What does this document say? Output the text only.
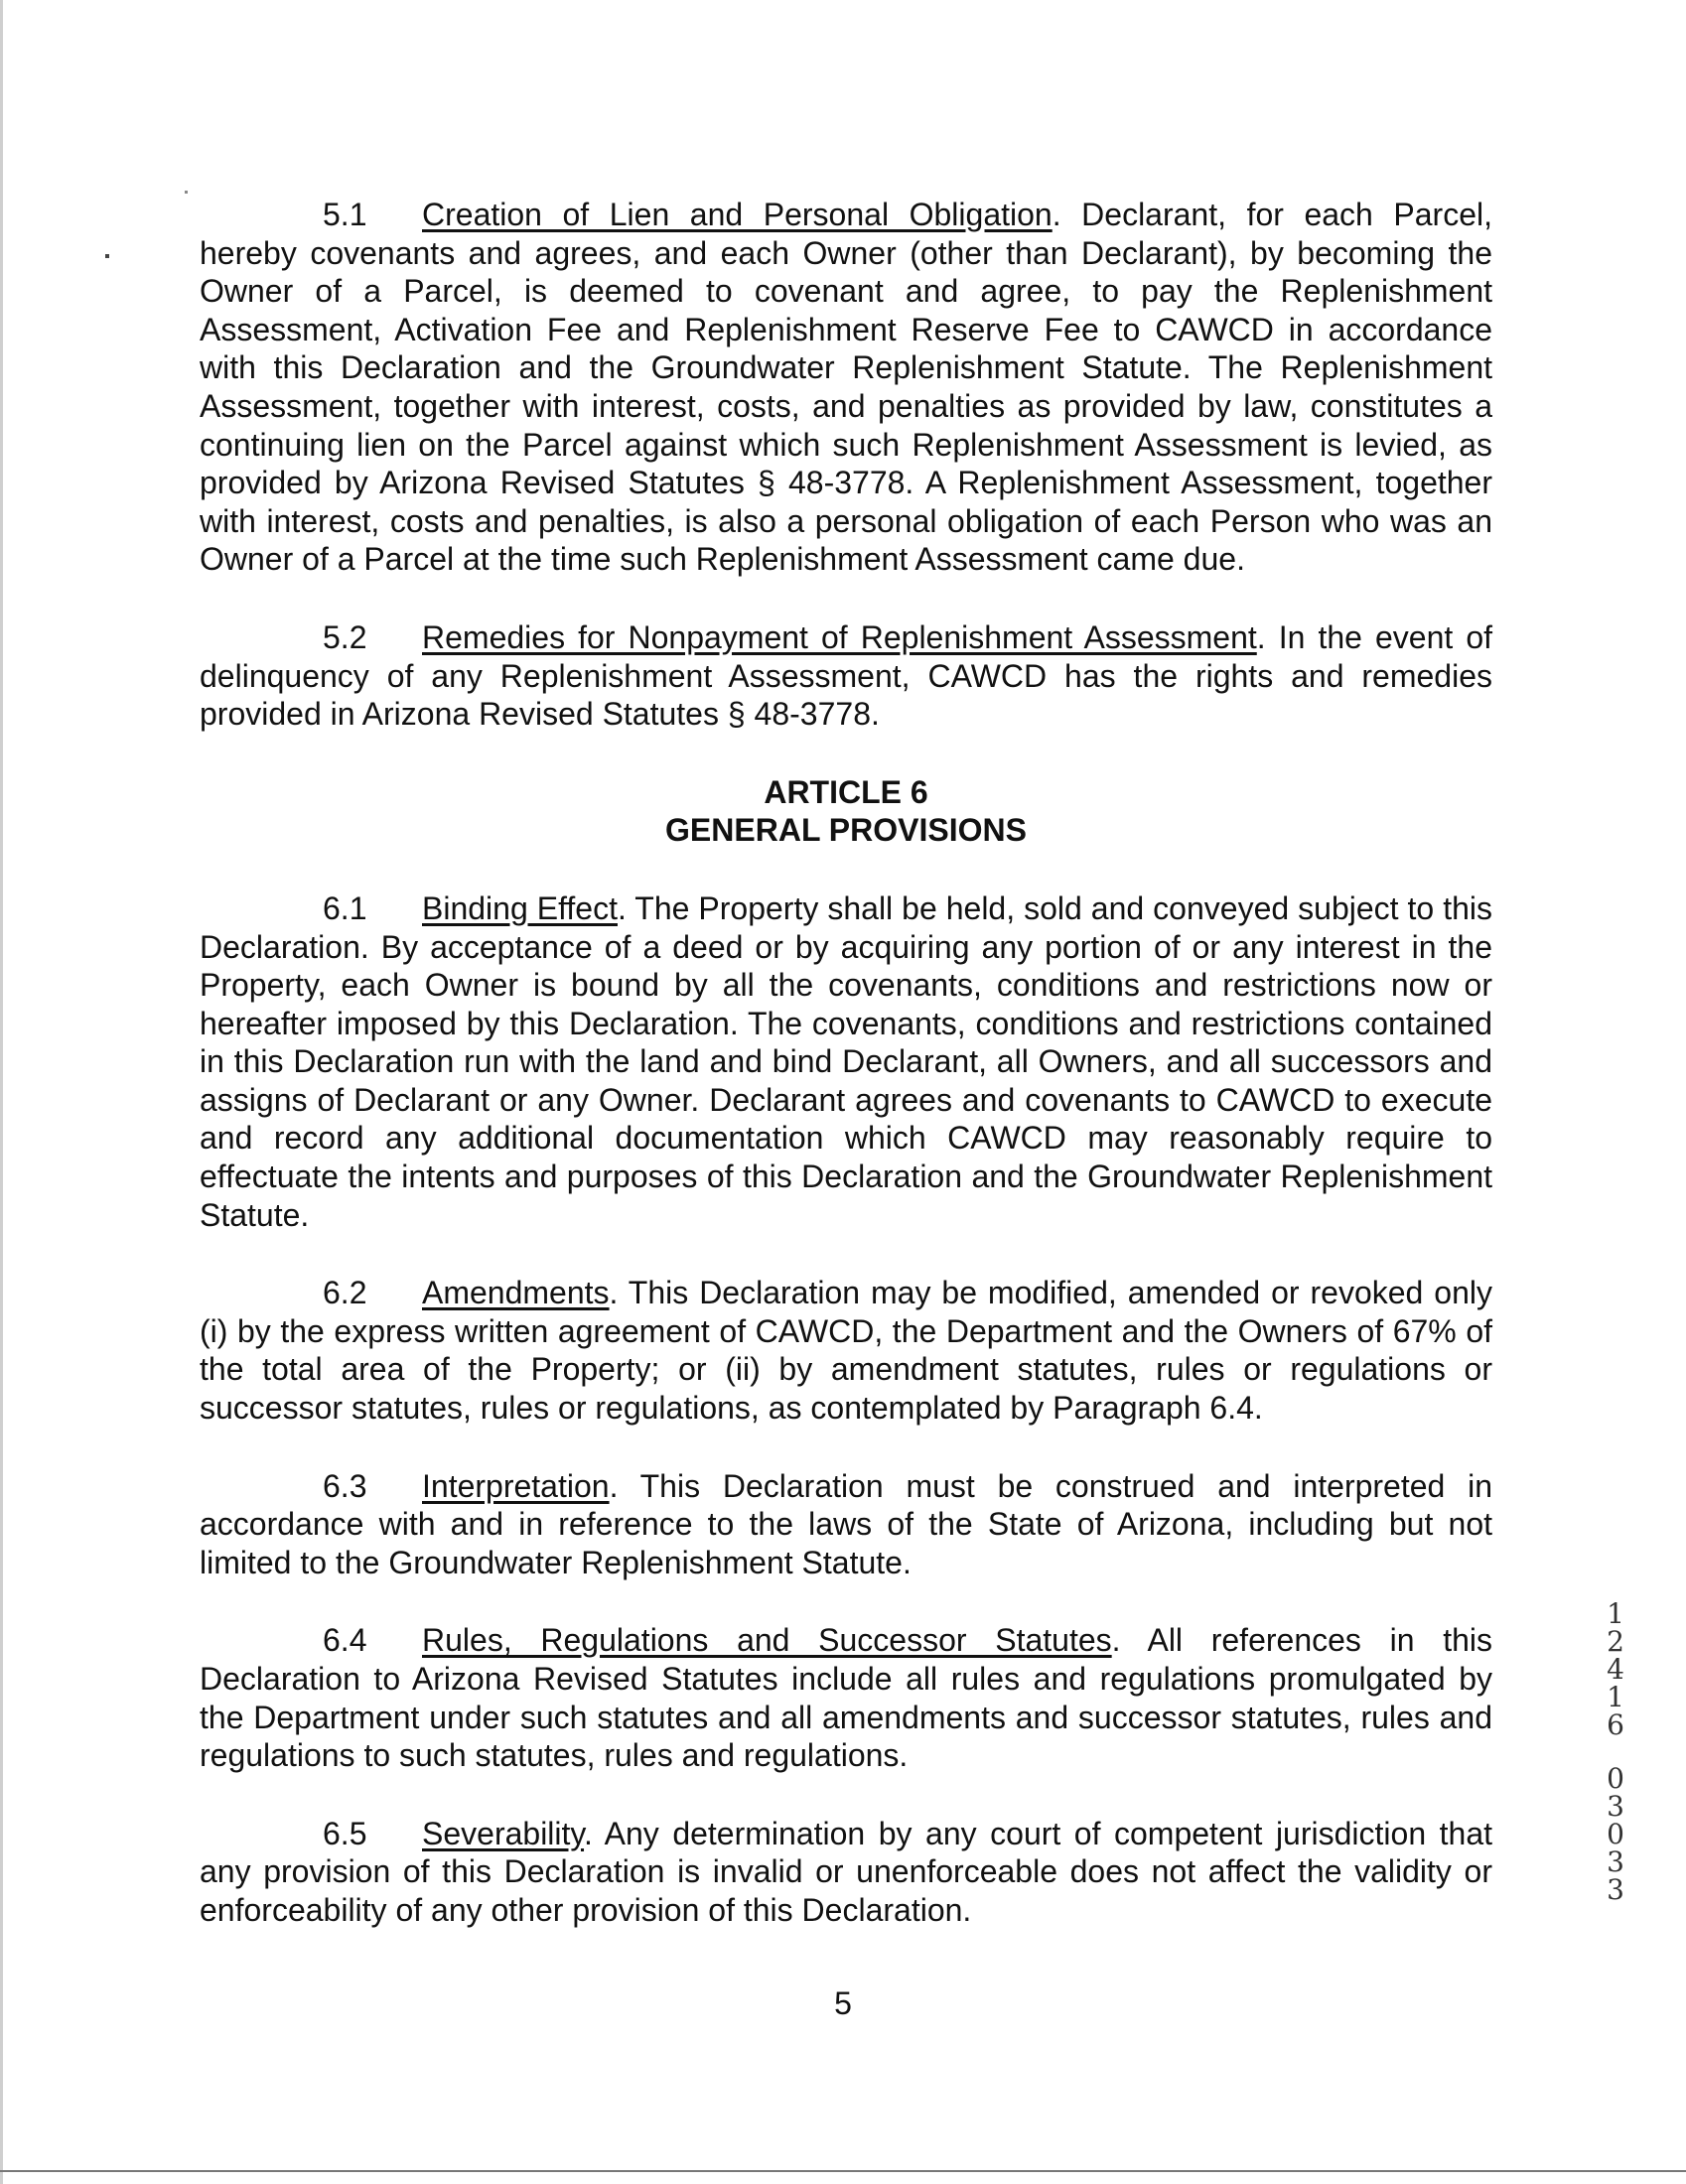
5.1 Creation of Lien and Personal Obligation. Declarant, for each Parcel, hereby covenants and agrees, and each Owner (other than Declarant), by becoming the Owner of a Parcel, is deemed to covenant and agree, to pay the Replenishment Assessment, Activation Fee and Replenishment Reserve Fee to CAWCD in accordance with this Declaration and the Groundwater Replenishment Statute. The Replenishment Assessment, together with interest, costs, and penalties as provided by law, constitutes a continuing lien on the Parcel against which such Replenishment Assessment is levied, as provided by Arizona Revised Statutes § 48-3778. A Replenishment Assessment, together with interest, costs and penalties, is also a personal obligation of each Person who was an Owner of a Parcel at the time such Replenishment Assessment came due.

5.2 Remedies for Nonpayment of Replenishment Assessment. In the event of delinquency of any Replenishment Assessment, CAWCD has the rights and remedies provided in Arizona Revised Statutes § 48-3778.

ARTICLE 6
GENERAL PROVISIONS

6.1 Binding Effect. The Property shall be held, sold and conveyed subject to this Declaration. By acceptance of a deed or by acquiring any portion of or any interest in the Property, each Owner is bound by all the covenants, conditions and restrictions now or hereafter imposed by this Declaration. The covenants, conditions and restrictions contained in this Declaration run with the land and bind Declarant, all Owners, and all successors and assigns of Declarant or any Owner. Declarant agrees and covenants to CAWCD to execute and record any additional documentation which CAWCD may reasonably require to effectuate the intents and purposes of this Declaration and the Groundwater Replenishment Statute.

6.2 Amendments. This Declaration may be modified, amended or revoked only (i) by the express written agreement of CAWCD, the Department and the Owners of 67% of the total area of the Property; or (ii) by amendment statutes, rules or regulations or successor statutes, rules or regulations, as contemplated by Paragraph 6.4.

6.3 Interpretation. This Declaration must be construed and interpreted in accordance with and in reference to the laws of the State of Arizona, including but not limited to the Groundwater Replenishment Statute.

6.4 Rules, Regulations and Successor Statutes. All references in this Declaration to Arizona Revised Statutes include all rules and regulations promulgated by the Department under such statutes and all amendments and successor statutes, rules and regulations to such statutes, rules and regulations.

6.5 Severability. Any determination by any court of competent jurisdiction that any provision of this Declaration is invalid or unenforceable does not affect the validity or enforceability of any other provision of this Declaration.

1
2
4
1
6
0
3
0
3
3
5
